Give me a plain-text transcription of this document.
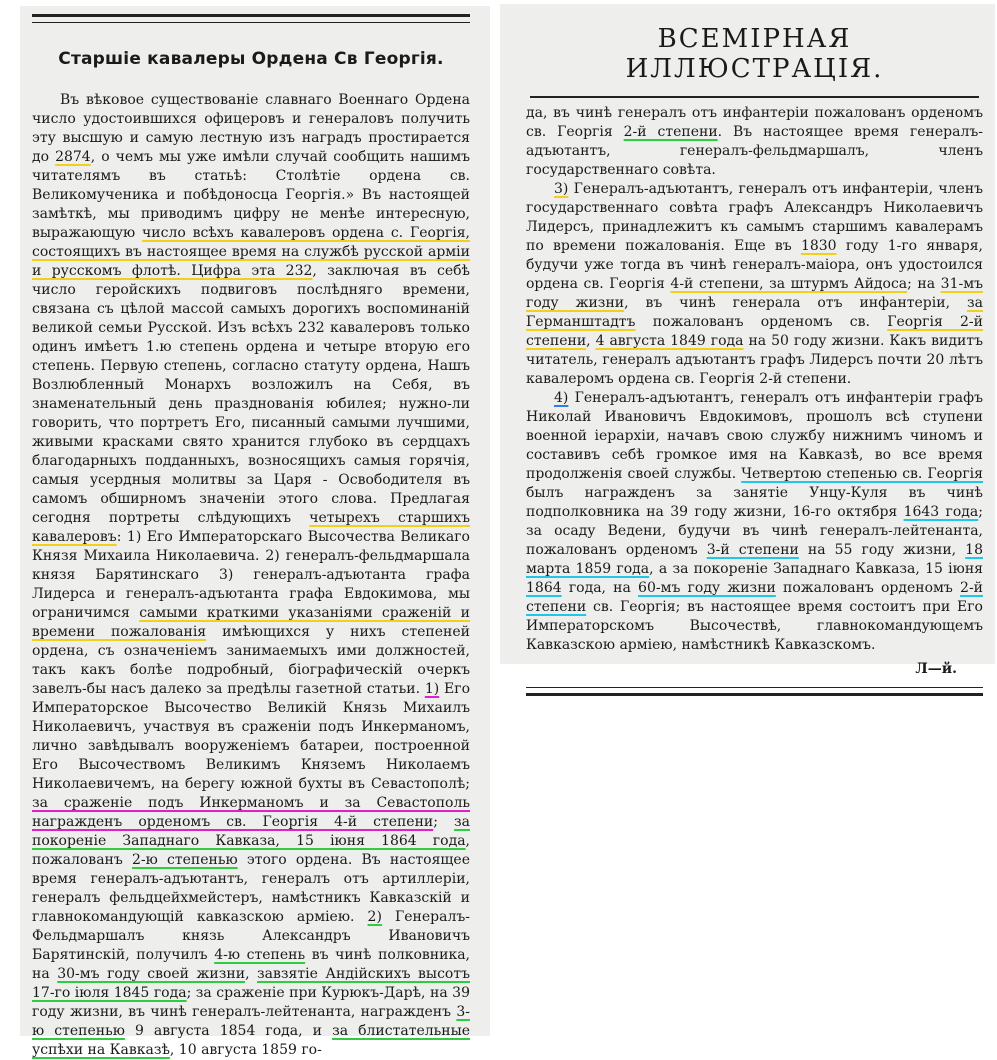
Старшіе кавалеры Ордена Св Георгія.

Въ вѣковое существованіе славнаго Военнаго Ордена число удостоившихся офицеровъ и генераловъ получить эту высшую и самую лестную изъ наградъ простирается до 2874, о чемъ мы уже имѣли случай сообщить нашимъ читателямъ въ статьѣ: Столѣтіе ордена св. Великомученика и побѣдоносца Георгія.» Въ настоящей замѣткѣ, мы приводимъ цифру не менѣе интересную, выражающую число всѣхъ кавалеровъ ордена с. Георгія, состоящихъ въ настоящее время на службѣ русской арміи и русскомъ флотѣ. Цифра эта 232, заключая въ себѣ число геройскихъ подвиговъ послѣдняго времени, связана съ цѣлой массой самыхъ дорогихъ воспоминаній великой семьи Русской. Изъ всѣхъ 232 кавалеровъ только одинъ имѣетъ 1.ю степень ордена и четыре вторую его степень. Первую степень, согласно статуту ордена, Нашъ Возлюбленный Монархъ возложилъ на Себя, въ знаменательный день празднованія юбилея; нужно-ли говорить, что портретъ Его, писанный самыми лучшими, живыми красками свято хранится глубоко въ сердцахъ благодарныхъ подданныхъ, возносящихъ самыя горячія, самыя усердныя молитвы за Царя - Освободителя въ самомъ обширномъ значеніи этого слова. Предлагая сегодня портреты слѣдующихъ четырехъ старшихъ кавалеровъ: 1) Его Императорскаго Высочества Великаго Князя Михаила Николаевича. 2) генералъ-фельдмаршала князя Барятинскаго 3) генералъ-адъютанта графа Лидерса и генералъ-адъютанта графа Евдокимова, мы ограничимся самыми краткими указаніями сраженій и времени пожалованія имѣющихся у нихъ степеней ордена, съ означеніемъ занимаемыхъ ими должностей, такъ какъ болѣе подробный, біографическій очеркъ завелъ-бы насъ далеко за предѣлы газетной статьи. 1) Его Императорское Высочество Великій Князь Михаилъ Николаевичъ, участвуя въ сраженіи подъ Инкерманомъ, лично завѣдывалъ вооруженіемъ батареи, построенной Его Высочествомъ Великимъ Княземъ Николаемъ Николаевичемъ, на берегу южной бухты въ Севастополѣ; за сраженіе подъ Инкерманомъ и за Севастополь награжденъ орденомъ св. Георгія 4-й степени; за покореніе Западнаго Кавказа, 15 іюня 1864 года, пожалованъ 2-ю степенью этого ордена. Въ настоящее время генералъ-адъютантъ, генералъ отъ артиллеріи, генералъ фельдцейхмейстеръ, намѣстникъ Кавказскій и главнокомандующій кавказскою арміею. 2) Генералъ-Фельдмаршалъ князь Александръ Ивановичъ Барятинскій, получилъ 4-ю степень въ чинѣ полковника, на 30-мъ году своей жизни, завзятіе Андійскихъ высотъ 17-го іюля 1845 года; за сраженіе при Курюкъ-Дарѣ, на 39 году жизни, въ чинѣ генералъ-лейтенанта, награжденъ 3-ю степенью 9 августа 1854 года, и за блистательные успѣхи на Кавказѣ, 10 августа 1859 го-

ВСЕМІРНАЯ ИЛЛЮСТРАЦІЯ.

да, въ чинѣ генералъ отъ инфантеріи пожалованъ орденомъ св. Георгія 2-й степени. Въ настоящее время генералъ-адъютантъ, генералъ-фельдмаршалъ, членъ государственнаго совѣта.

3) Генералъ-адъютантъ, генералъ отъ инфантеріи, членъ государственнаго совѣта графъ Александръ Николаевичъ Лидерсъ, принадлежитъ къ самымъ старшимъ кавалерамъ по времени пожалованія. Еще въ 1830 году 1-го января, будучи уже тогда въ чинѣ генералъ-маіора, онъ удостоился ордена св. Георгія 4-й степени, за штурмъ Айдоса; на 31-мъ году жизни, въ чинѣ генерала отъ инфантеріи, за Германштадтъ пожалованъ орденомъ св. Георгія 2-й степени, 4 августа 1849 года на 50 году жизни. Какъ видитъ читатель, генералъ адъютантъ графъ Лидерсъ почти 20 лѣтъ кавалеромъ ордена св. Георгія 2-й степени.

4) Генералъ-адъютантъ, генералъ отъ инфантеріи графъ Николай Ивановичъ Евдокимовъ, прошолъ всѣ ступени военной іерархіи, начавъ свою службу нижнимъ чиномъ и составивъ себѣ громкое имя на Кавказѣ, во все время продолженія своей службы. Четвертою степенью св. Георгія былъ награжденъ за занятіе Унцу-Куля въ чинѣ подполковника на 39 году жизни, 16-го октября 1643 года; за осаду Ведени, будучи въ чинѣ генералъ-лейтенанта, пожалованъ орденомъ 3-й степени на 55 году жизни, 18 марта 1859 года, а за покореніе Западнаго Кавказа, 15 іюня 1864 года, на 60-мъ году жизни пожалованъ орденомъ 2-й степени св. Георгія; въ настоящее время состоитъ при Его Императорскомъ Высочествѣ, главнокомандующемъ Кавказскою арміею, намѣстникѣ Кавказскомъ.

Л—й.
